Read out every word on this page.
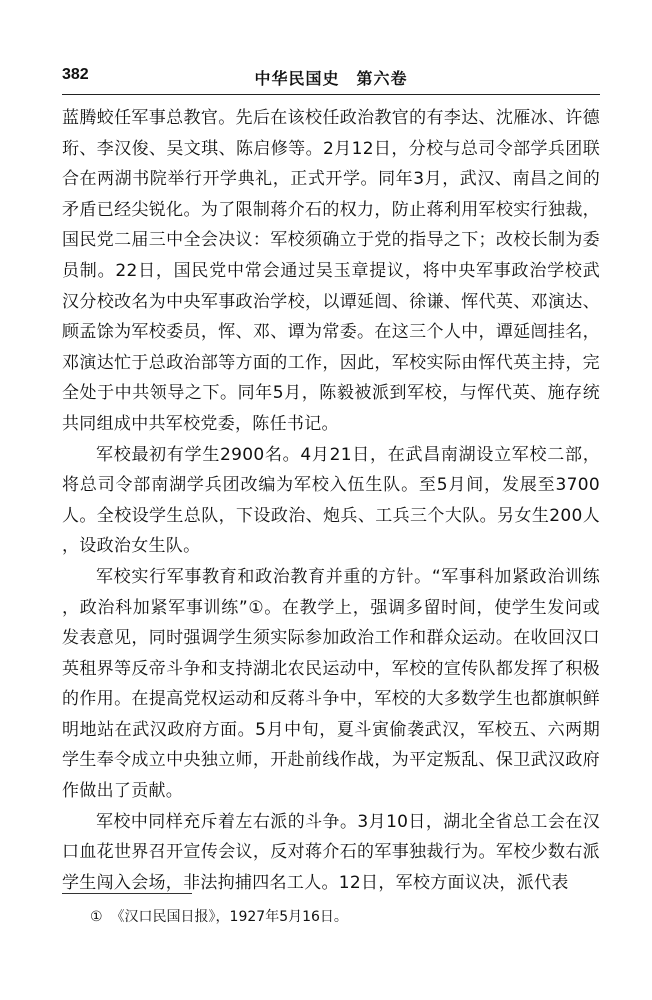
382	中华民国史　第六卷

蓝腾蛟任军事总教官。先后在该校任政治教官的有李达、沈雁冰、许德珩、李汉俊、吴文琪、陈启修等。2月12日，分校与总司令部学兵团联合在两湖书院举行开学典礼，正式开学。同年3月，武汉、南昌之间的矛盾已经尖锐化。为了限制蒋介石的权力，防止蒋利用军校实行独裁，国民党二届三中全会决议：军校须确立于党的指导之下；改校长制为委员制。22日，国民党中常会通过吴玉章提议，将中央军事政治学校武汉分校改名为中央军事政治学校，以谭延闿、徐谦、恽代英、邓演达、顾孟馀为军校委员，恽、邓、谭为常委。在这三个人中，谭延闿挂名，邓演达忙于总政治部等方面的工作，因此，军校实际由恽代英主持，完全处于中共领导之下。同年5月，陈毅被派到军校，与恽代英、施存统共同组成中共军校党委，陈任书记。

军校最初有学生2900名。4月21日，在武昌南湖设立军校二部，将总司令部南湖学兵团改编为军校入伍生队。至5月间，发展至3700人。全校设学生总队，下设政治、炮兵、工兵三个大队。另女生200人，设政治女生队。

军校实行军事教育和政治教育并重的方针。“军事科加紧政治训练，政治科加紧军事训练”①。在教学上，强调多留时间，使学生发问或发表意见，同时强调学生须实际参加政治工作和群众运动。在收回汉口英租界等反帝斗争和支持湖北农民运动中，军校的宣传队都发挥了积极的作用。在提高党权运动和反蒋斗争中，军校的大多数学生也都旗帜鲜明地站在武汉政府方面。5月中旬，夏斗寅偷袭武汉，军校五、六两期学生奉令成立中央独立师，开赴前线作战，为平定叛乱、保卫武汉政府作做出了贡献。

军校中同样充斥着左右派的斗争。3月10日，湖北全省总工会在汉口血花世界召开宣传会议，反对蒋介石的军事独裁行为。军校少数右派学生闯入会场，非法拘捕四名工人。12日，军校方面议决，派代表

① 《汉口民国日报》，1927年5月16日。
